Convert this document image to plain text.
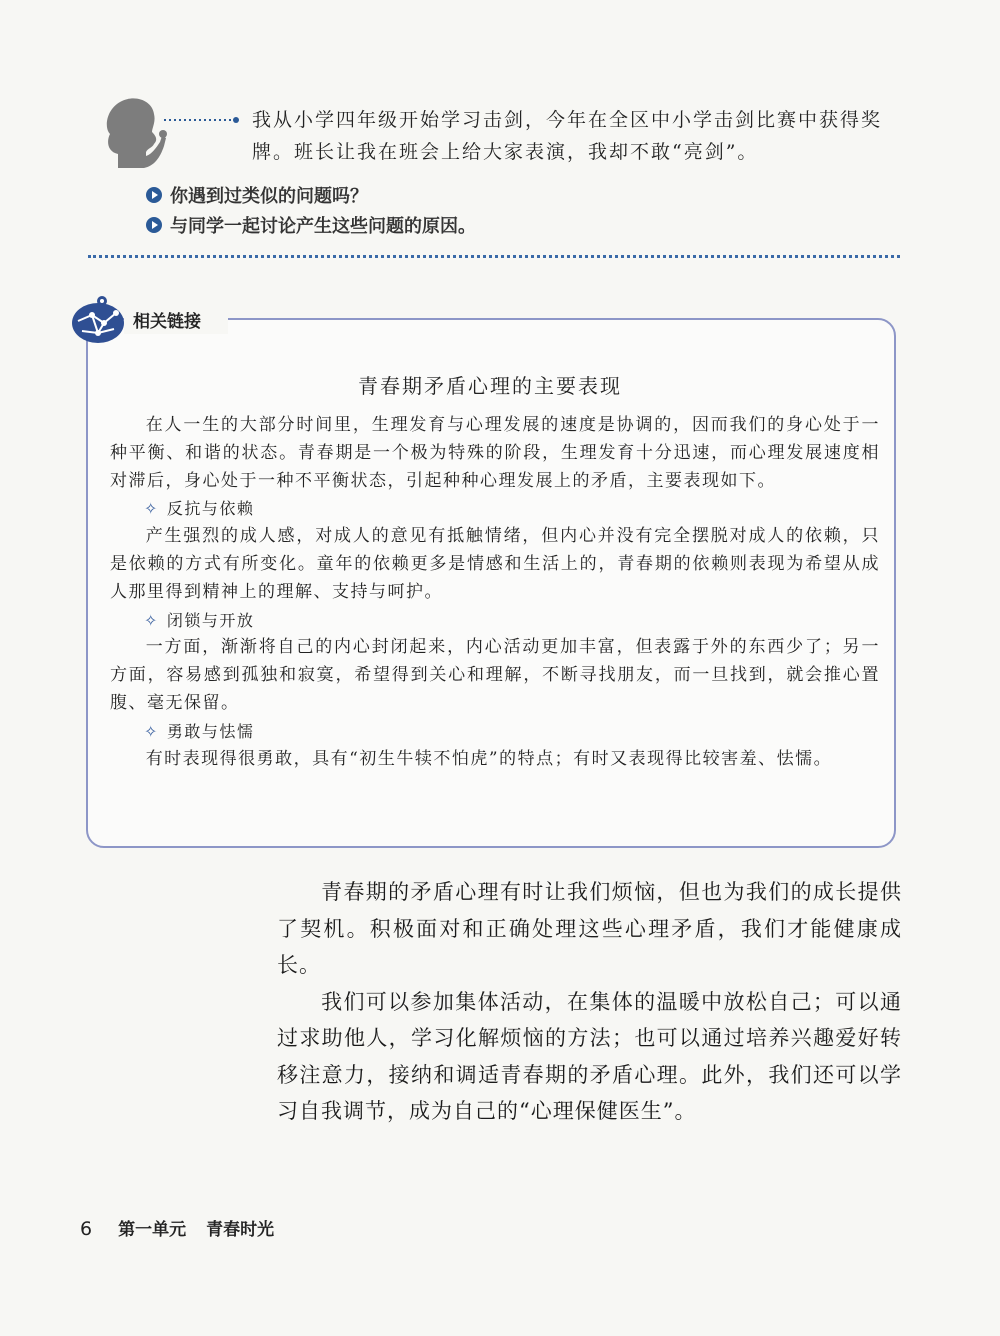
我从小学四年级开始学习击剑，今年在全区中小学击剑比赛中获得奖牌。班长让我在班会上给大家表演，我却不敢“亮剑”。
你遇到过类似的问题吗？
与同学一起讨论产生这些问题的原因。
相关链接
青春期矛盾心理的主要表现

在人一生的大部分时间里，生理发育与心理发展的速度是协调的，因而我们的身心处于一种平衡、和谐的状态。青春期是一个极为特殊的阶段，生理发育十分迅速，而心理发展速度相对滞后，身心处于一种不平衡状态，引起种种心理发展上的矛盾，主要表现如下。

✧ 反抗与依赖

产生强烈的成人感，对成人的意见有抵触情绪，但内心并没有完全摆脱对成人的依赖，只是依赖的方式有所变化。童年的依赖更多是情感和生活上的，青春期的依赖则表现为希望从成人那里得到精神上的理解、支持与呵护。

✧ 闭锁与开放

一方面，渐渐将自己的内心封闭起来，内心活动更加丰富，但表露于外的东西少了；另一方面，容易感到孤独和寂寞，希望得到关心和理解，不断寻找朋友，而一旦找到，就会推心置腹、毫无保留。

✧ 勇敢与怯懦

有时表现得很勇敢，具有“初生牛犊不怕虎”的特点；有时又表现得比较害羞、怯懦。

青春期的矛盾心理有时让我们烦恼，但也为我们的成长提供了契机。积极面对和正确处理这些心理矛盾，我们才能健康成长。

我们可以参加集体活动，在集体的温暖中放松自己；可以通过求助他人，学习化解烦恼的方法；也可以通过培养兴趣爱好转移注意力，接纳和调适青春期的矛盾心理。此外，我们还可以学习自我调节，成为自己的“心理保健医生”。

6 第一单元 青春时光
